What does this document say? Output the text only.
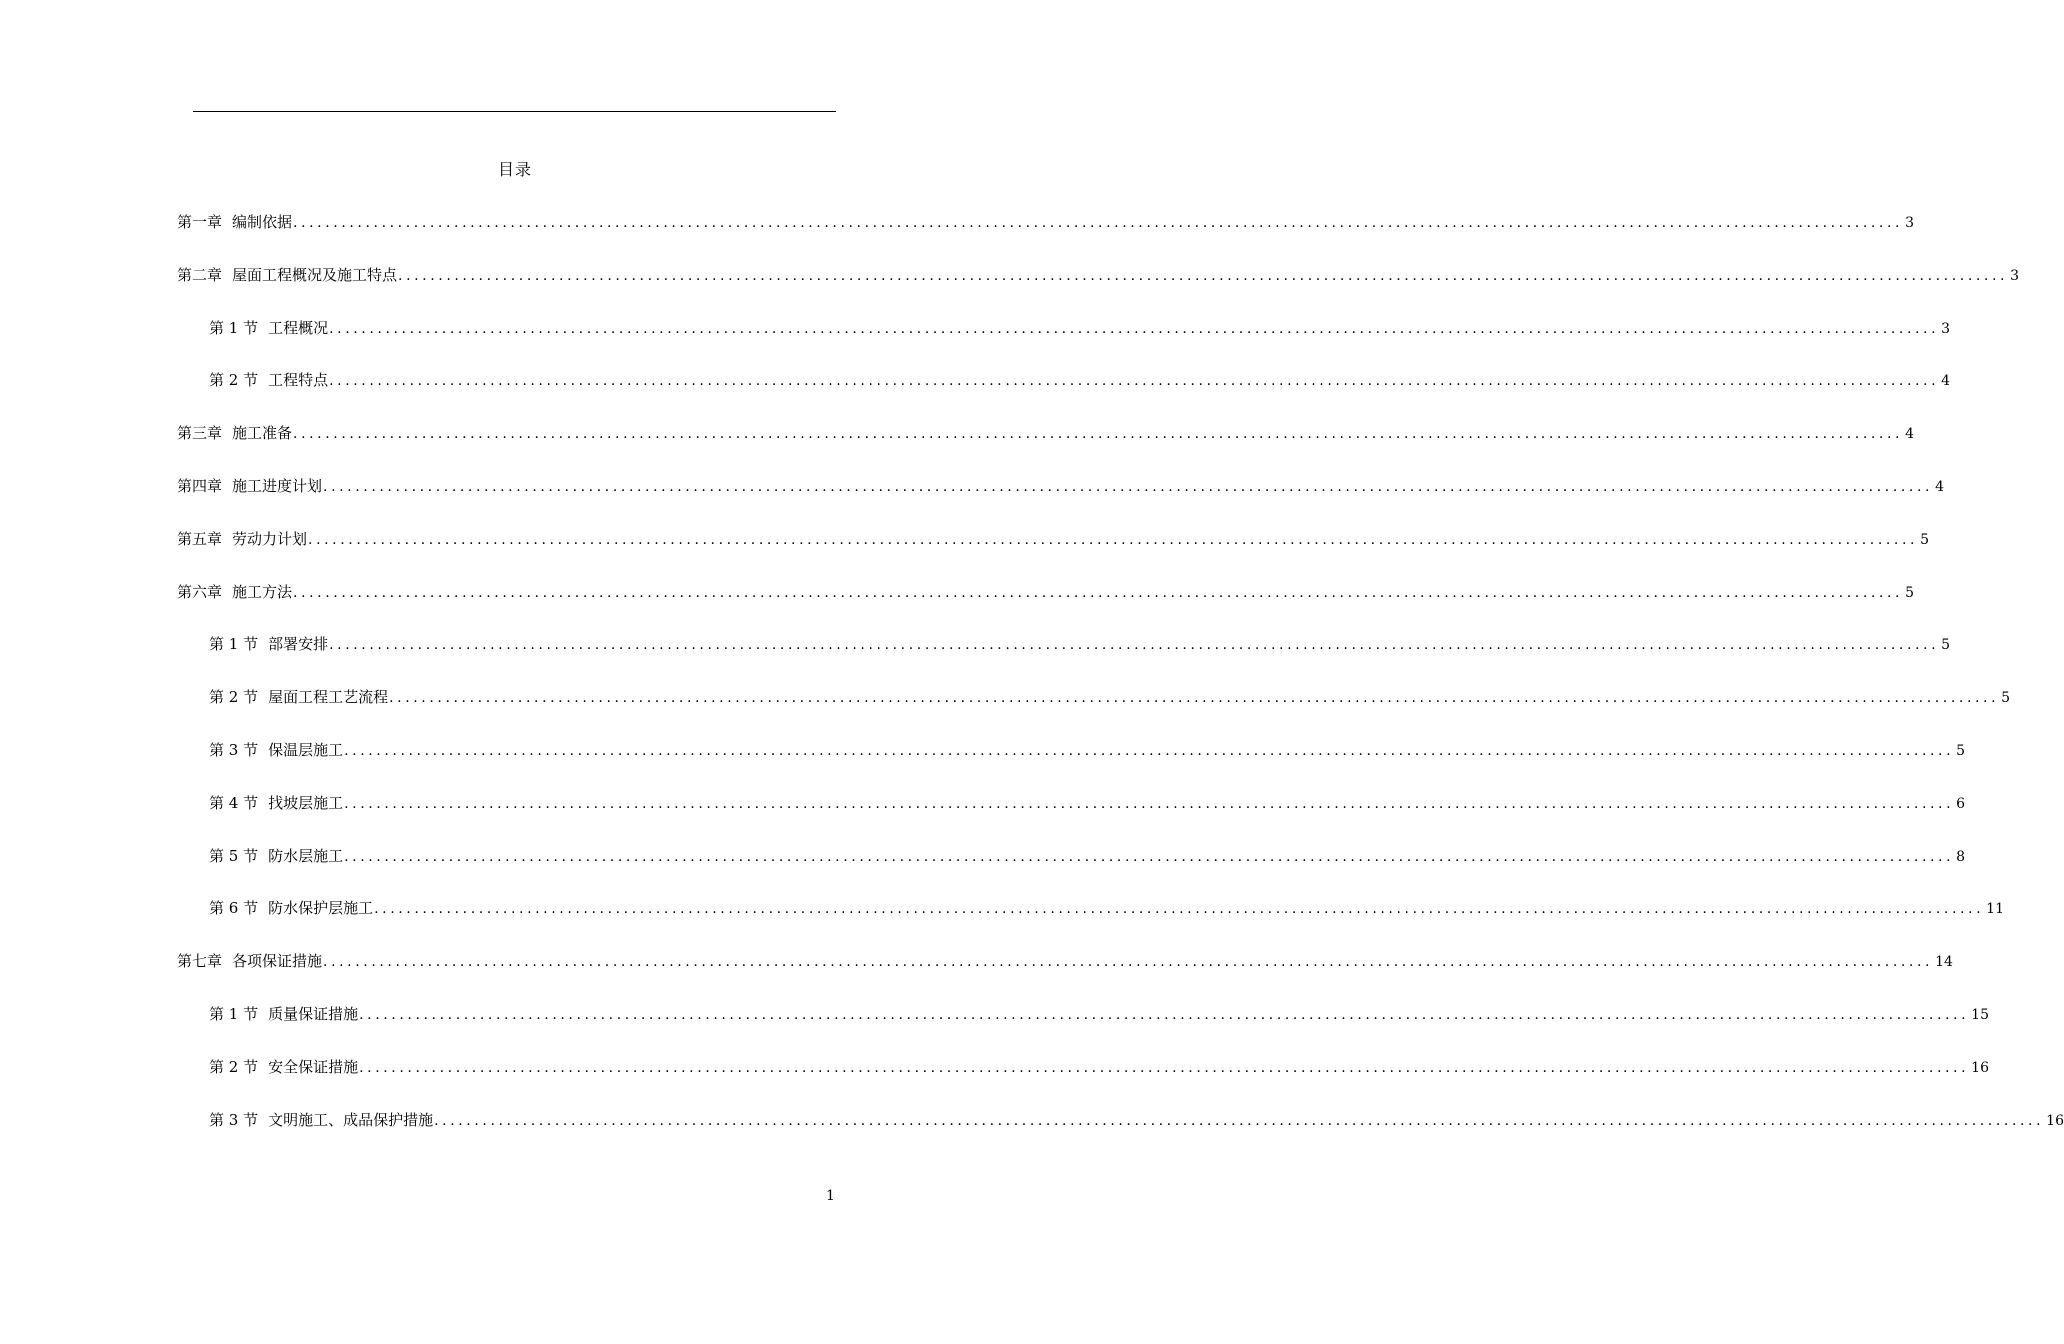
目录
第一章 编制依据 ........................................................................................................................................................................................................ 3
第二章 屋面工程概况及施工特点 ........................................................................................................................................................................................................ 3
第 1 节 工程概况 ........................................................................................................................................................................................................ 3
第 2 节 工程特点 ........................................................................................................................................................................................................ 4
第三章 施工准备 ........................................................................................................................................................................................................ 4
第四章 施工进度计划 ........................................................................................................................................................................................................ 4
第五章 劳动力计划 ........................................................................................................................................................................................................ 5
第六章 施工方法 ........................................................................................................................................................................................................ 5
第 1 节 部署安排 ........................................................................................................................................................................................................ 5
第 2 节 屋面工程工艺流程 ........................................................................................................................................................................................................ 5
第 3 节 保温层施工 ........................................................................................................................................................................................................ 5
第 4 节 找坡层施工 ........................................................................................................................................................................................................ 6
第 5 节 防水层施工 ........................................................................................................................................................................................................ 8
第 6 节 防水保护层施工 ........................................................................................................................................................................................................ 11
第七章 各项保证措施 ........................................................................................................................................................................................................ 14
第 1 节 质量保证措施 ........................................................................................................................................................................................................ 15
第 2 节 安全保证措施 ........................................................................................................................................................................................................ 16
第 3 节 文明施工、成品保护措施 ........................................................................................................................................................................................................ 16
1
